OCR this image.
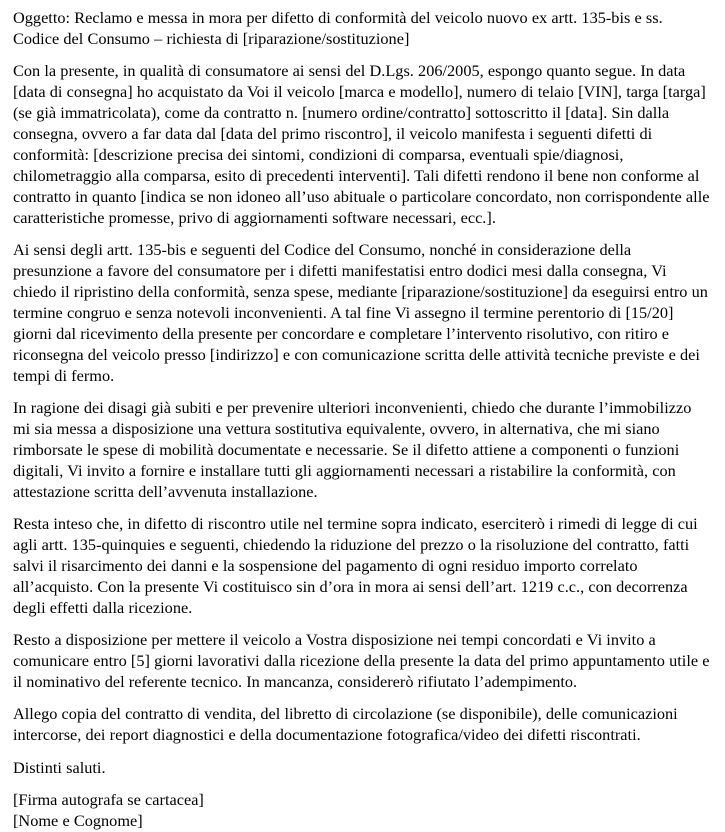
Oggetto: Reclamo e messa in mora per difetto di conformità del veicolo nuovo ex artt. 135-bis e ss. Codice del Consumo – richiesta di [riparazione/sostituzione]

Con la presente, in qualità di consumatore ai sensi del D.Lgs. 206/2005, espongo quanto segue. In data [data di consegna] ho acquistato da Voi il veicolo [marca e modello], numero di telaio [VIN], targa [targa] (se già immatricolata), come da contratto n. [numero ordine/contratto] sottoscritto il [data]. Sin dalla consegna, ovvero a far data dal [data del primo riscontro], il veicolo manifesta i seguenti difetti di conformità: [descrizione precisa dei sintomi, condizioni di comparsa, eventuali spie/diagnosi, chilometraggio alla comparsa, esito di precedenti interventi]. Tali difetti rendono il bene non conforme al contratto in quanto [indica se non idoneo all’uso abituale o particolare concordato, non corrispondente alle caratteristiche promesse, privo di aggiornamenti software necessari, ecc.].

Ai sensi degli artt. 135-bis e seguenti del Codice del Consumo, nonché in considerazione della presunzione a favore del consumatore per i difetti manifestatisi entro dodici mesi dalla consegna, Vi chiedo il ripristino della conformità, senza spese, mediante [riparazione/sostituzione] da eseguirsi entro un termine congruo e senza notevoli inconvenienti. A tal fine Vi assegno il termine perentorio di [15/20] giorni dal ricevimento della presente per concordare e completare l’intervento risolutivo, con ritiro e riconsegna del veicolo presso [indirizzo] e con comunicazione scritta delle attività tecniche previste e dei tempi di fermo.

In ragione dei disagi già subiti e per prevenire ulteriori inconvenienti, chiedo che durante l’immobilizzo mi sia messa a disposizione una vettura sostitutiva equivalente, ovvero, in alternativa, che mi siano rimborsate le spese di mobilità documentate e necessarie. Se il difetto attiene a componenti o funzioni digitali, Vi invito a fornire e installare tutti gli aggiornamenti necessari a ristabilire la conformità, con attestazione scritta dell’avvenuta installazione.

Resta inteso che, in difetto di riscontro utile nel termine sopra indicato, eserciterò i rimedi di legge di cui agli artt. 135-quinquies e seguenti, chiedendo la riduzione del prezzo o la risoluzione del contratto, fatti salvi il risarcimento dei danni e la sospensione del pagamento di ogni residuo importo correlato all’acquisto. Con la presente Vi costituisco sin d’ora in mora ai sensi dell’art. 1219 c.c., con decorrenza degli effetti dalla ricezione.

Resto a disposizione per mettere il veicolo a Vostra disposizione nei tempi concordati e Vi invito a comunicare entro [5] giorni lavorativi dalla ricezione della presente la data del primo appuntamento utile e il nominativo del referente tecnico. In mancanza, considererò rifiutato l’adempimento.

Allego copia del contratto di vendita, del libretto di circolazione (se disponibile), delle comunicazioni intercorse, dei report diagnostici e della documentazione fotografica/video dei difetti riscontrati.

Distinti saluti.

[Firma autografa se cartacea]
[Nome e Cognome]
